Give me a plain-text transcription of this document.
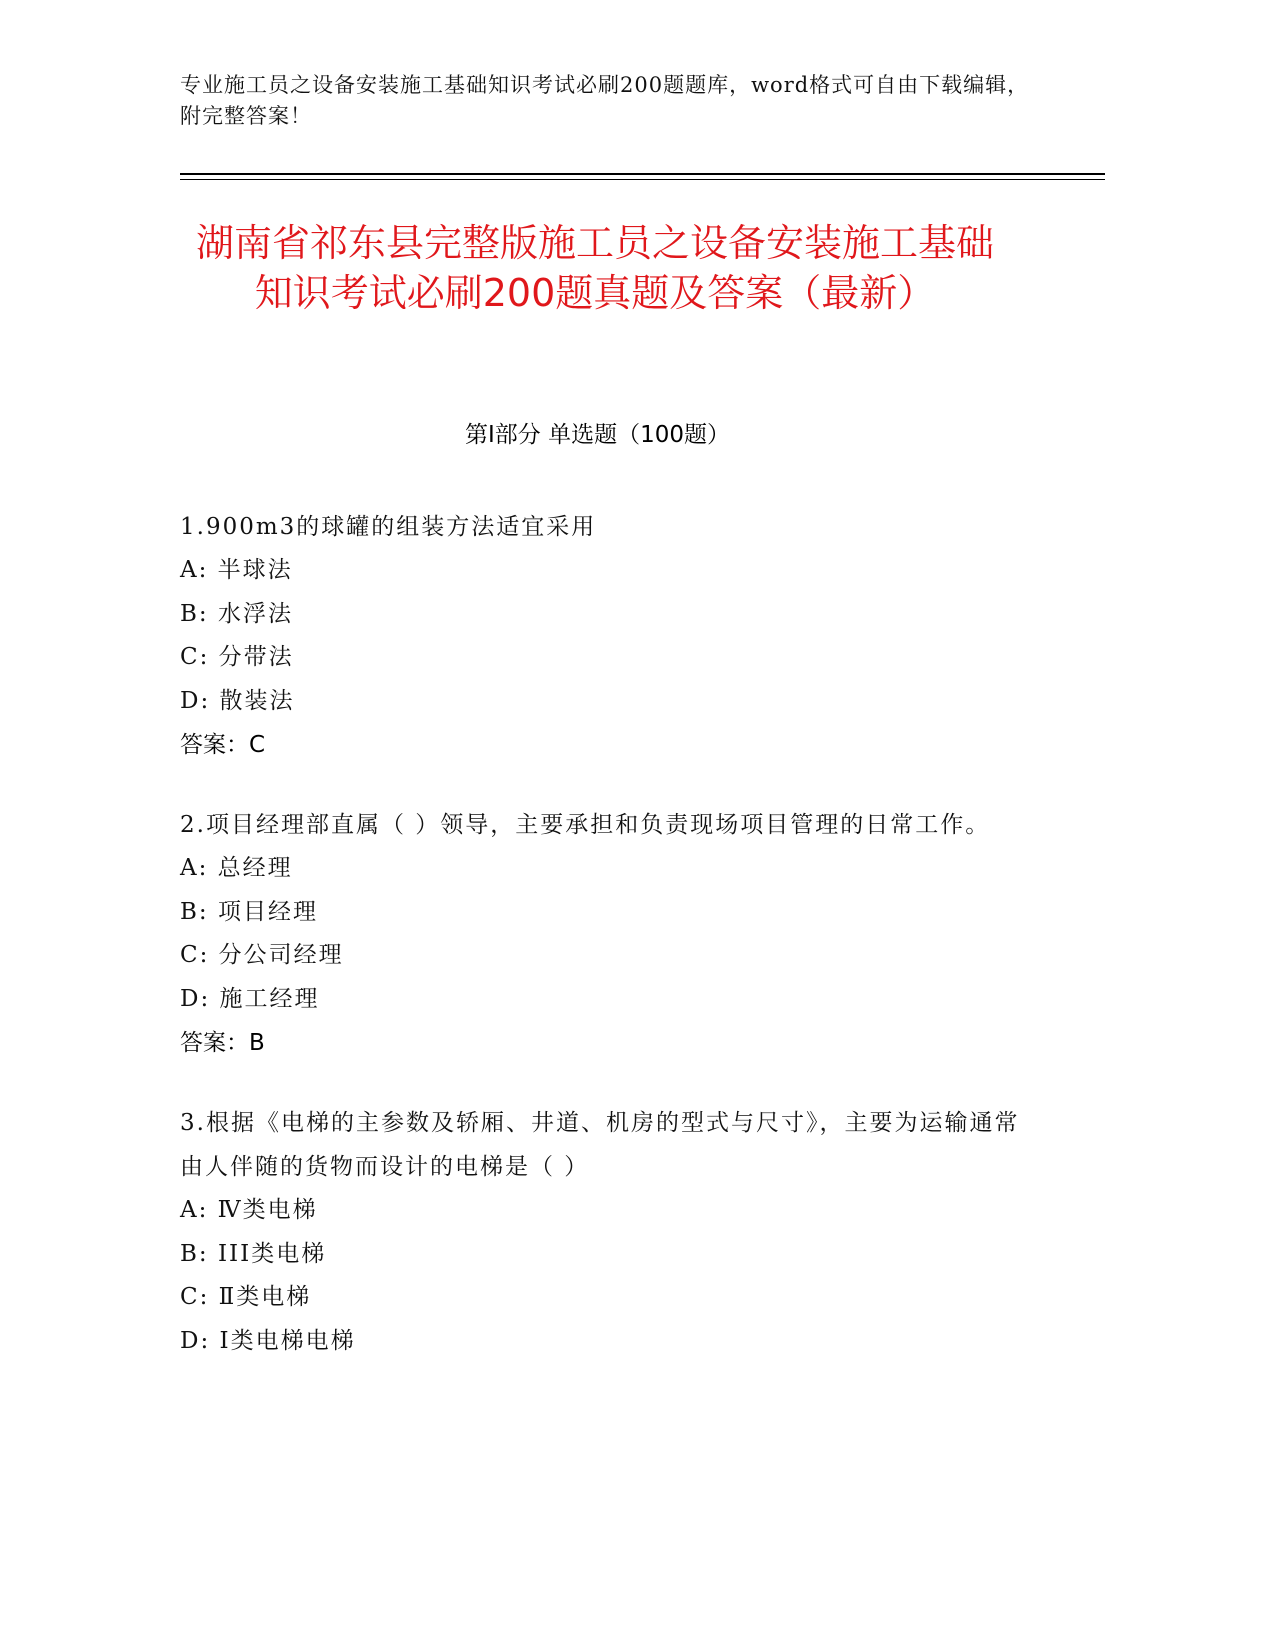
专业施工员之设备安装施工基础知识考试必刷200题题库，word格式可自由下载编辑，附完整答案！
湖南省祁东县完整版施工员之设备安装施工基础知识考试必刷200题真题及答案（最新）
第Ⅰ部分 单选题（100题）
1.900m3的球罐的组装方法适宜采用
A: 半球法
B: 水浮法
C: 分带法
D: 散装法
答案：C
2.项目经理部直属（ ）领导，主要承担和负责现场项目管理的日常工作。
A: 总经理
B: 项目经理
C: 分公司经理
D: 施工经理
答案：B
3.根据《电梯的主参数及轿厢、井道、机房的型式与尺寸》，主要为运输通常由人伴随的货物而设计的电梯是（ ）
A: Ⅳ类电梯
B: III类电梯
C: Ⅱ类电梯
D: Ⅰ类电梯电梯
